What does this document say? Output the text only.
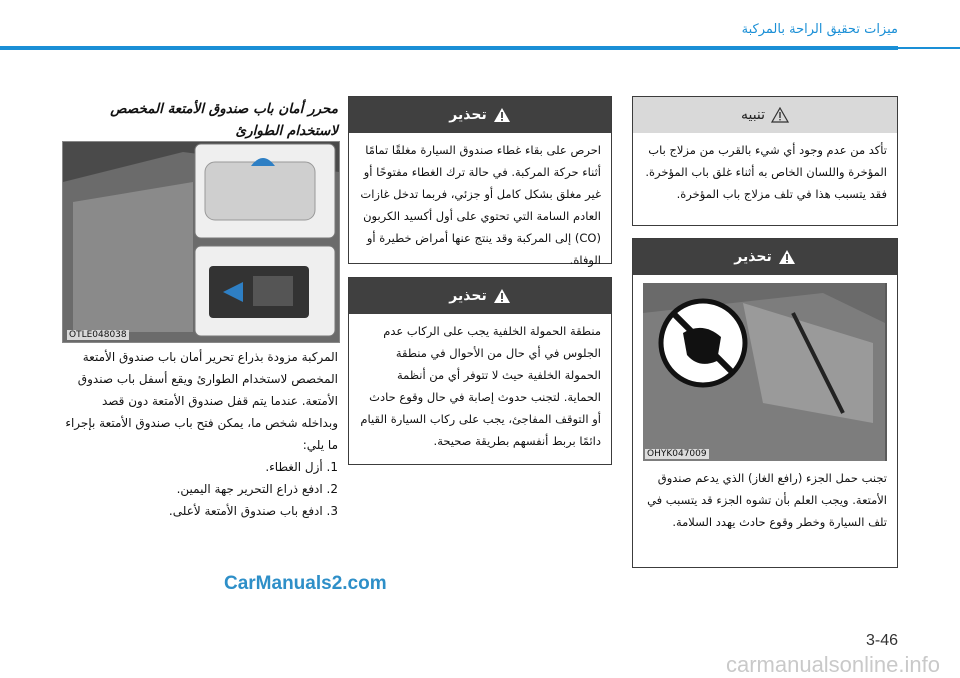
ميزات تحقيق الراحة بالمركبة
محرر أمان باب صندوق الأمتعة المخصص لاستخدام الطوارئ
OTLE048038
المركبة مزودة بذراع تحرير أمان باب صندوق الأمتعة المخصص لاستخدام الطوارئ ويقع أسفل باب صندوق الأمتعة. عندما يتم قفل صندوق الأمتعة دون قصد وبداخله شخص ما، يمكن فتح باب صندوق الأمتعة بإجراء ما يلي:
1. أزل الغطاء.
2. ادفع ذراع التحرير جهة اليمين.
3. ادفع باب صندوق الأمتعة لأعلى.
تحذير
احرص على بقاء غطاء صندوق السيارة مغلقًا تمامًا أثناء حركة المركبة. في حالة ترك الغطاء مفتوحًا أو غير مغلق بشكل كامل أو جزئي، فربما تدخل غازات العادم السامة التي تحتوي على أول أكسيد الكربون (CO) إلى المركبة وقد ينتج عنها أمراض خطيرة أو الوفاة.
تحذير
منطقة الحمولة الخلفية يجب على الركاب عدم الجلوس في أي حال من الأحوال في منطقة الحمولة الخلفية حيث لا تتوفر أي من أنظمة الحماية. لتجنب حدوث إصابة في حال وقوع حادث أو التوقف المفاجئ، يجب على ركاب السيارة القيام دائمًا بربط أنفسهم بطريقة صحيحة.
تنبيه
تأكد من عدم وجود أي شيء بالقرب من مزلاج باب المؤخرة واللسان الخاص به أثناء غلق باب المؤخرة. فقد يتسبب هذا في تلف مزلاج باب المؤخرة.
تحذير
OHYK047009
تجنب حمل الجزء (رافع الغاز) الذي يدعم صندوق الأمتعة. ويجب العلم بأن تشوه الجزء قد يتسبب في تلف السيارة وخطر وقوع حادث يهدد السلامة.
CarManuals2.com
3-46
carmanualsonline.info
